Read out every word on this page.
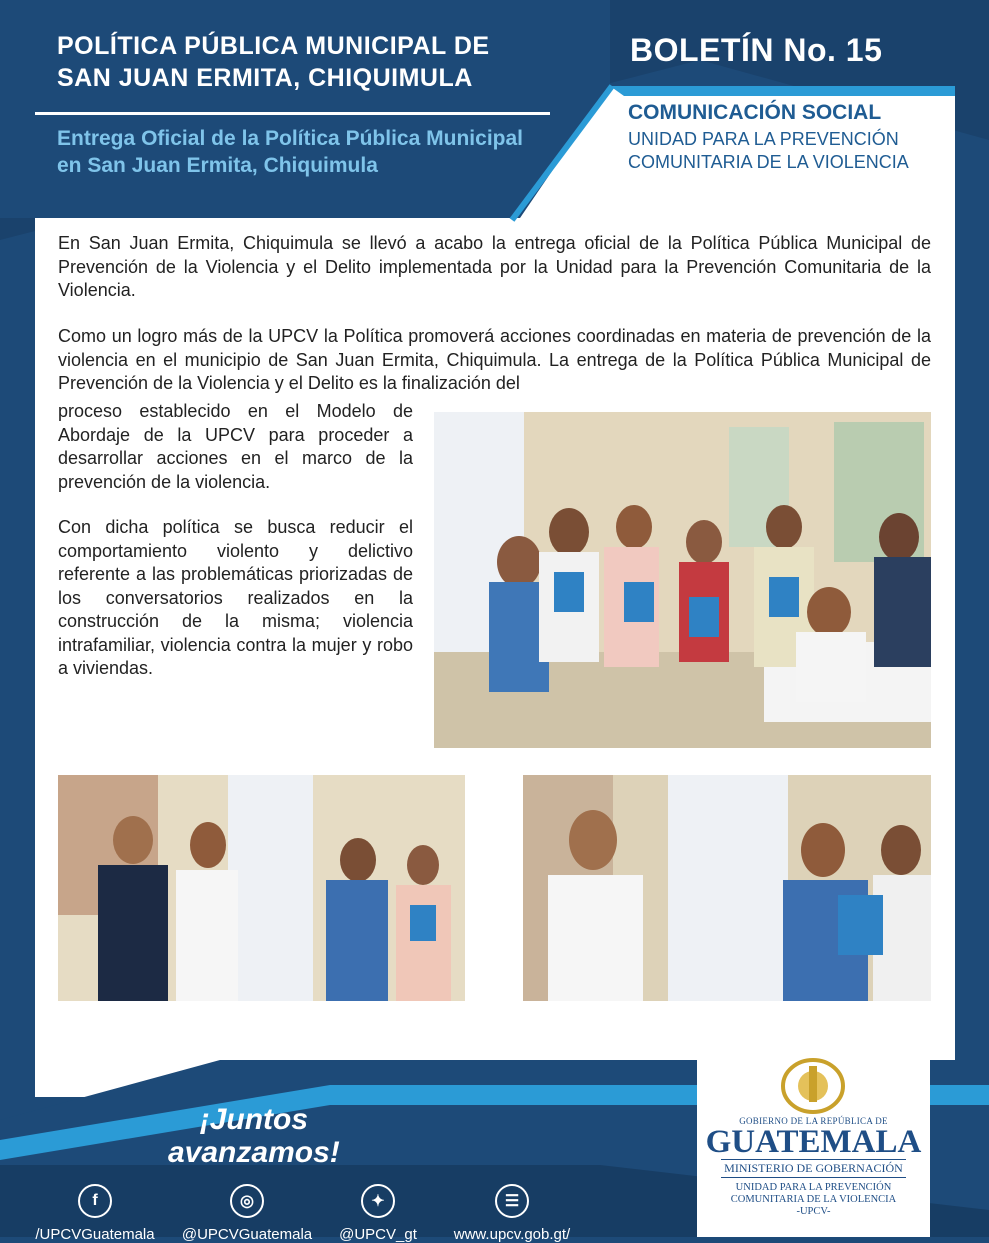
POLÍTICA PÚBLICA MUNICIPAL DE
SAN JUAN ERMITA, CHIQUIMULA
Entrega Oficial de la Política Pública Municipal en San Juan Ermita, Chiquimula
BOLETÍN No. 15
COMUNICACIÓN SOCIAL
UNIDAD PARA LA PREVENCIÓN
COMUNITARIA DE LA VIOLENCIA

En San Juan Ermita, Chiquimula se llevó a acabo la entrega oficial de la Política Pública Municipal de Prevención de la Violencia y el Delito implementada por la Unidad para la Prevención Comunitaria de la Violencia.

Como un logro más de la UPCV la Política promoverá acciones coordinadas en materia de prevención de la violencia en el municipio de San Juan Ermita, Chiquimula. La entrega de la Política Pública Municipal de Prevención de la Violencia y el Delito es la finalización del

proceso establecido en el Modelo de Abordaje de la UPCV para proceder a desarrollar acciones en el marco de la prevención de la violencia.

Con dicha política se busca reducir el comportamiento violento y delictivo referente a las problemáticas priorizadas de los conversatorios realizados en la construcción de la misma; violencia intrafamiliar, violencia contra la mujer y robo a viviendas.

¡Juntos
avanzamos!
f
/UPCVGuatemala
◎
@UPCVGuatemala
✦
@UPCV_gt
☰
www.upcv.gob.gt/
GOBIERNO DE LA REPÚBLICA DE
GUATEMALA
MINISTERIO DE GOBERNACIÓN
UNIDAD PARA LA PREVENCIÓN
COMUNITARIA DE LA VIOLENCIA
-UPCV-
